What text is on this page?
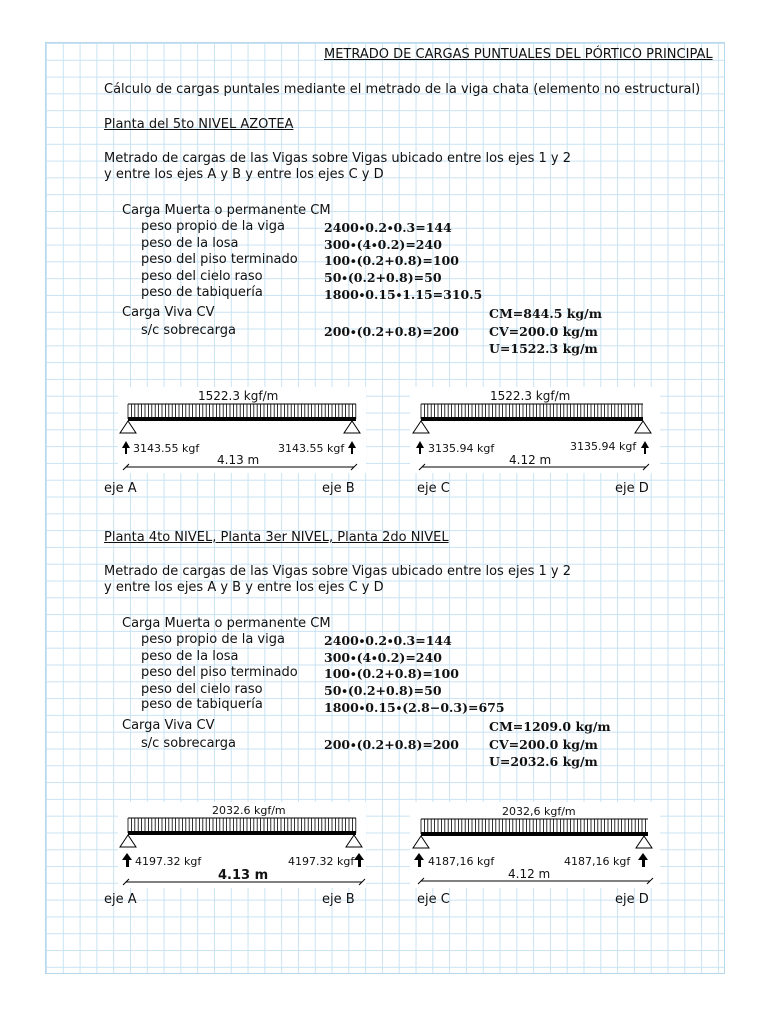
METRADO DE CARGAS PUNTUALES DEL PÓRTICO PRINCIPAL
Cálculo de cargas puntales mediante el metrado de la viga chata (elemento no estructural)
Planta del 5to NIVEL AZOTEA
Metrado de cargas de las Vigas sobre Vigas ubicado entre los ejes 1 y 2
y entre los ejes A y B y entre los ejes C y D
Carga Muerta o permanente CM
peso propio de la viga	2400∙0.2∙0.3=144
peso de la losa	300∙(4∙0.2)=240
peso del piso terminado 100∙(0.2+0.8)=100
peso del cielo raso	50∙(0.2+0.8)=50
peso de tabiquería	1800∙0.15∙1.15=310.5
Carga Viva CV
s/c sobrecarga	200∙(0.2+0.8)=200
CM=844.5 kg/m
CV=200.0 kg/m
U=1522.3 kg/m
1522.3 kgf/m
3143.55 kgf	3143.55 kgf
4.13 m
eje A	eje B
1522.3 kgf/m
3135.94 kgf	3135.94 kgf
4.12 m
eje C	eje D
Planta 4to NIVEL, Planta 3er NIVEL, Planta 2do NIVEL
Metrado de cargas de las Vigas sobre Vigas ubicado entre los ejes 1 y 2
y entre los ejes A y B y entre los ejes C y D
Carga Muerta o permanente CM
peso propio de la viga	2400∙0.2∙0.3=144
peso de la losa	300∙(4∙0.2)=240
peso del piso terminado 100∙(0.2+0.8)=100
peso del cielo raso	50∙(0.2+0.8)=50
peso de tabiquería	1800∙0.15∙(2.8−0.3)=675
Carga Viva CV
s/c sobrecarga	200∙(0.2+0.8)=200
CM=1209.0 kg/m
CV=200.0 kg/m
U=2032.6 kg/m
2032.6 kgf/m
4197.32 kgf	4197.32 kgf
4.13 m
eje A	eje B
2032,6 kgf/m
4187,16 kgf	4187,16 kgf
4.12 m
eje C	eje D
